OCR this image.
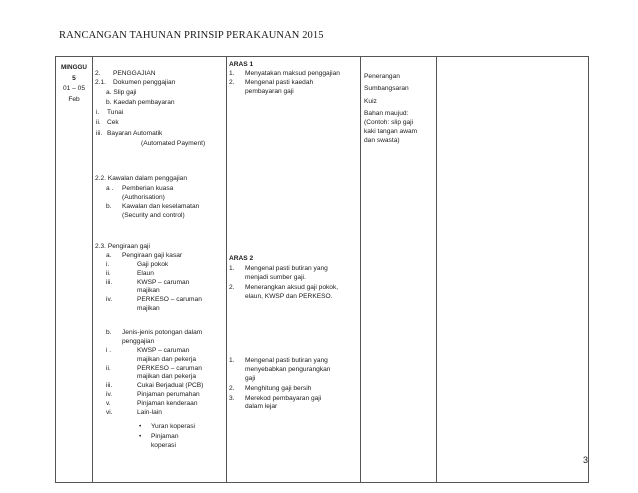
RANCANGAN TAHUNAN PRINSIP PERAKAUNAN 2015
MINGGU
5
01 – 05
Feb

2. PENGGAJIAN
2.1. Dokumen penggajian
a. Slip gaji
b. Kaedah pembayaran
i. Tunai
ii. Cek
iii. Bayaran Automatik
(Automated Payment)
2.2. Kawalan dalam penggajian
a . Pemberian kuasa
(Authorisation)
b. Kawalan dan keselamatan
(Security and control)
2.3. Pengiraan gaji
a. Pengiraan gaji kasar
i.	Gaji pokok
ii.	Elaun
iii.	KWSP – caruman
majikan
iv.	PERKESO – caruman
majikan
b. Jenis-jenis potongan dalam
penggajian
i .	KWSP – caruman
majikan dan pekerja
ii.	PERKESO – caruman
majikan dan pekerja
iii.	Cukai Berjadual (PCB)
iv.	Pinjaman perumahan
v.	Pinjaman kenderaan
vi.	Lain-lain
• Yuran koperasi
• Pinjaman
koperasi

ARAS 1
1. Menyatakan maksud penggajian
2. Mengenal pasti kaedah
pembayaran gaji
ARAS 2
1. Mengenal pasti butiran yang
menjadi sumber gaji.
2. Menerangkan aksud gaji pokok,
elaun, KWSP dan PERKESO.
1. Mengenal pasti butiran yang
menyebabkan pengurangkan
gaji
2. Menghitung gaji bersih
3. Merekod pembayaran gaji
dalam lejar

Penerangan
Sumbangsaran
Kuiz
Bahan maujud:
(Contoh: slip gaji
kaki tangan awam
dan swasta)

3
